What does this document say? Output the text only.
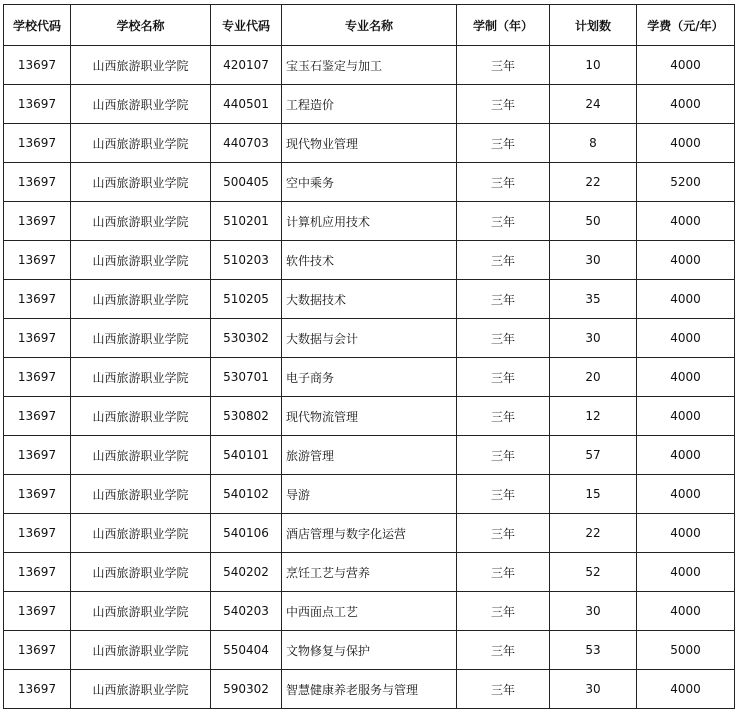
学校代码	学校名称	专业代码	专业名称	学制（年）	计划数	学费（元/年）
13697	山西旅游职业学院	420107	宝玉石鉴定与加工	三年	10	4000
13697	山西旅游职业学院	440501	工程造价	三年	24	4000
13697	山西旅游职业学院	440703	现代物业管理	三年	8	4000
13697	山西旅游职业学院	500405	空中乘务	三年	22	5200
13697	山西旅游职业学院	510201	计算机应用技术	三年	50	4000
13697	山西旅游职业学院	510203	软件技术	三年	30	4000
13697	山西旅游职业学院	510205	大数据技术	三年	35	4000
13697	山西旅游职业学院	530302	大数据与会计	三年	30	4000
13697	山西旅游职业学院	530701	电子商务	三年	20	4000
13697	山西旅游职业学院	530802	现代物流管理	三年	12	4000
13697	山西旅游职业学院	540101	旅游管理	三年	57	4000
13697	山西旅游职业学院	540102	导游	三年	15	4000
13697	山西旅游职业学院	540106	酒店管理与数字化运营	三年	22	4000
13697	山西旅游职业学院	540202	烹饪工艺与营养	三年	52	4000
13697	山西旅游职业学院	540203	中西面点工艺	三年	30	4000
13697	山西旅游职业学院	550404	文物修复与保护	三年	53	5000
13697	山西旅游职业学院	590302	智慧健康养老服务与管理	三年	30	4000
